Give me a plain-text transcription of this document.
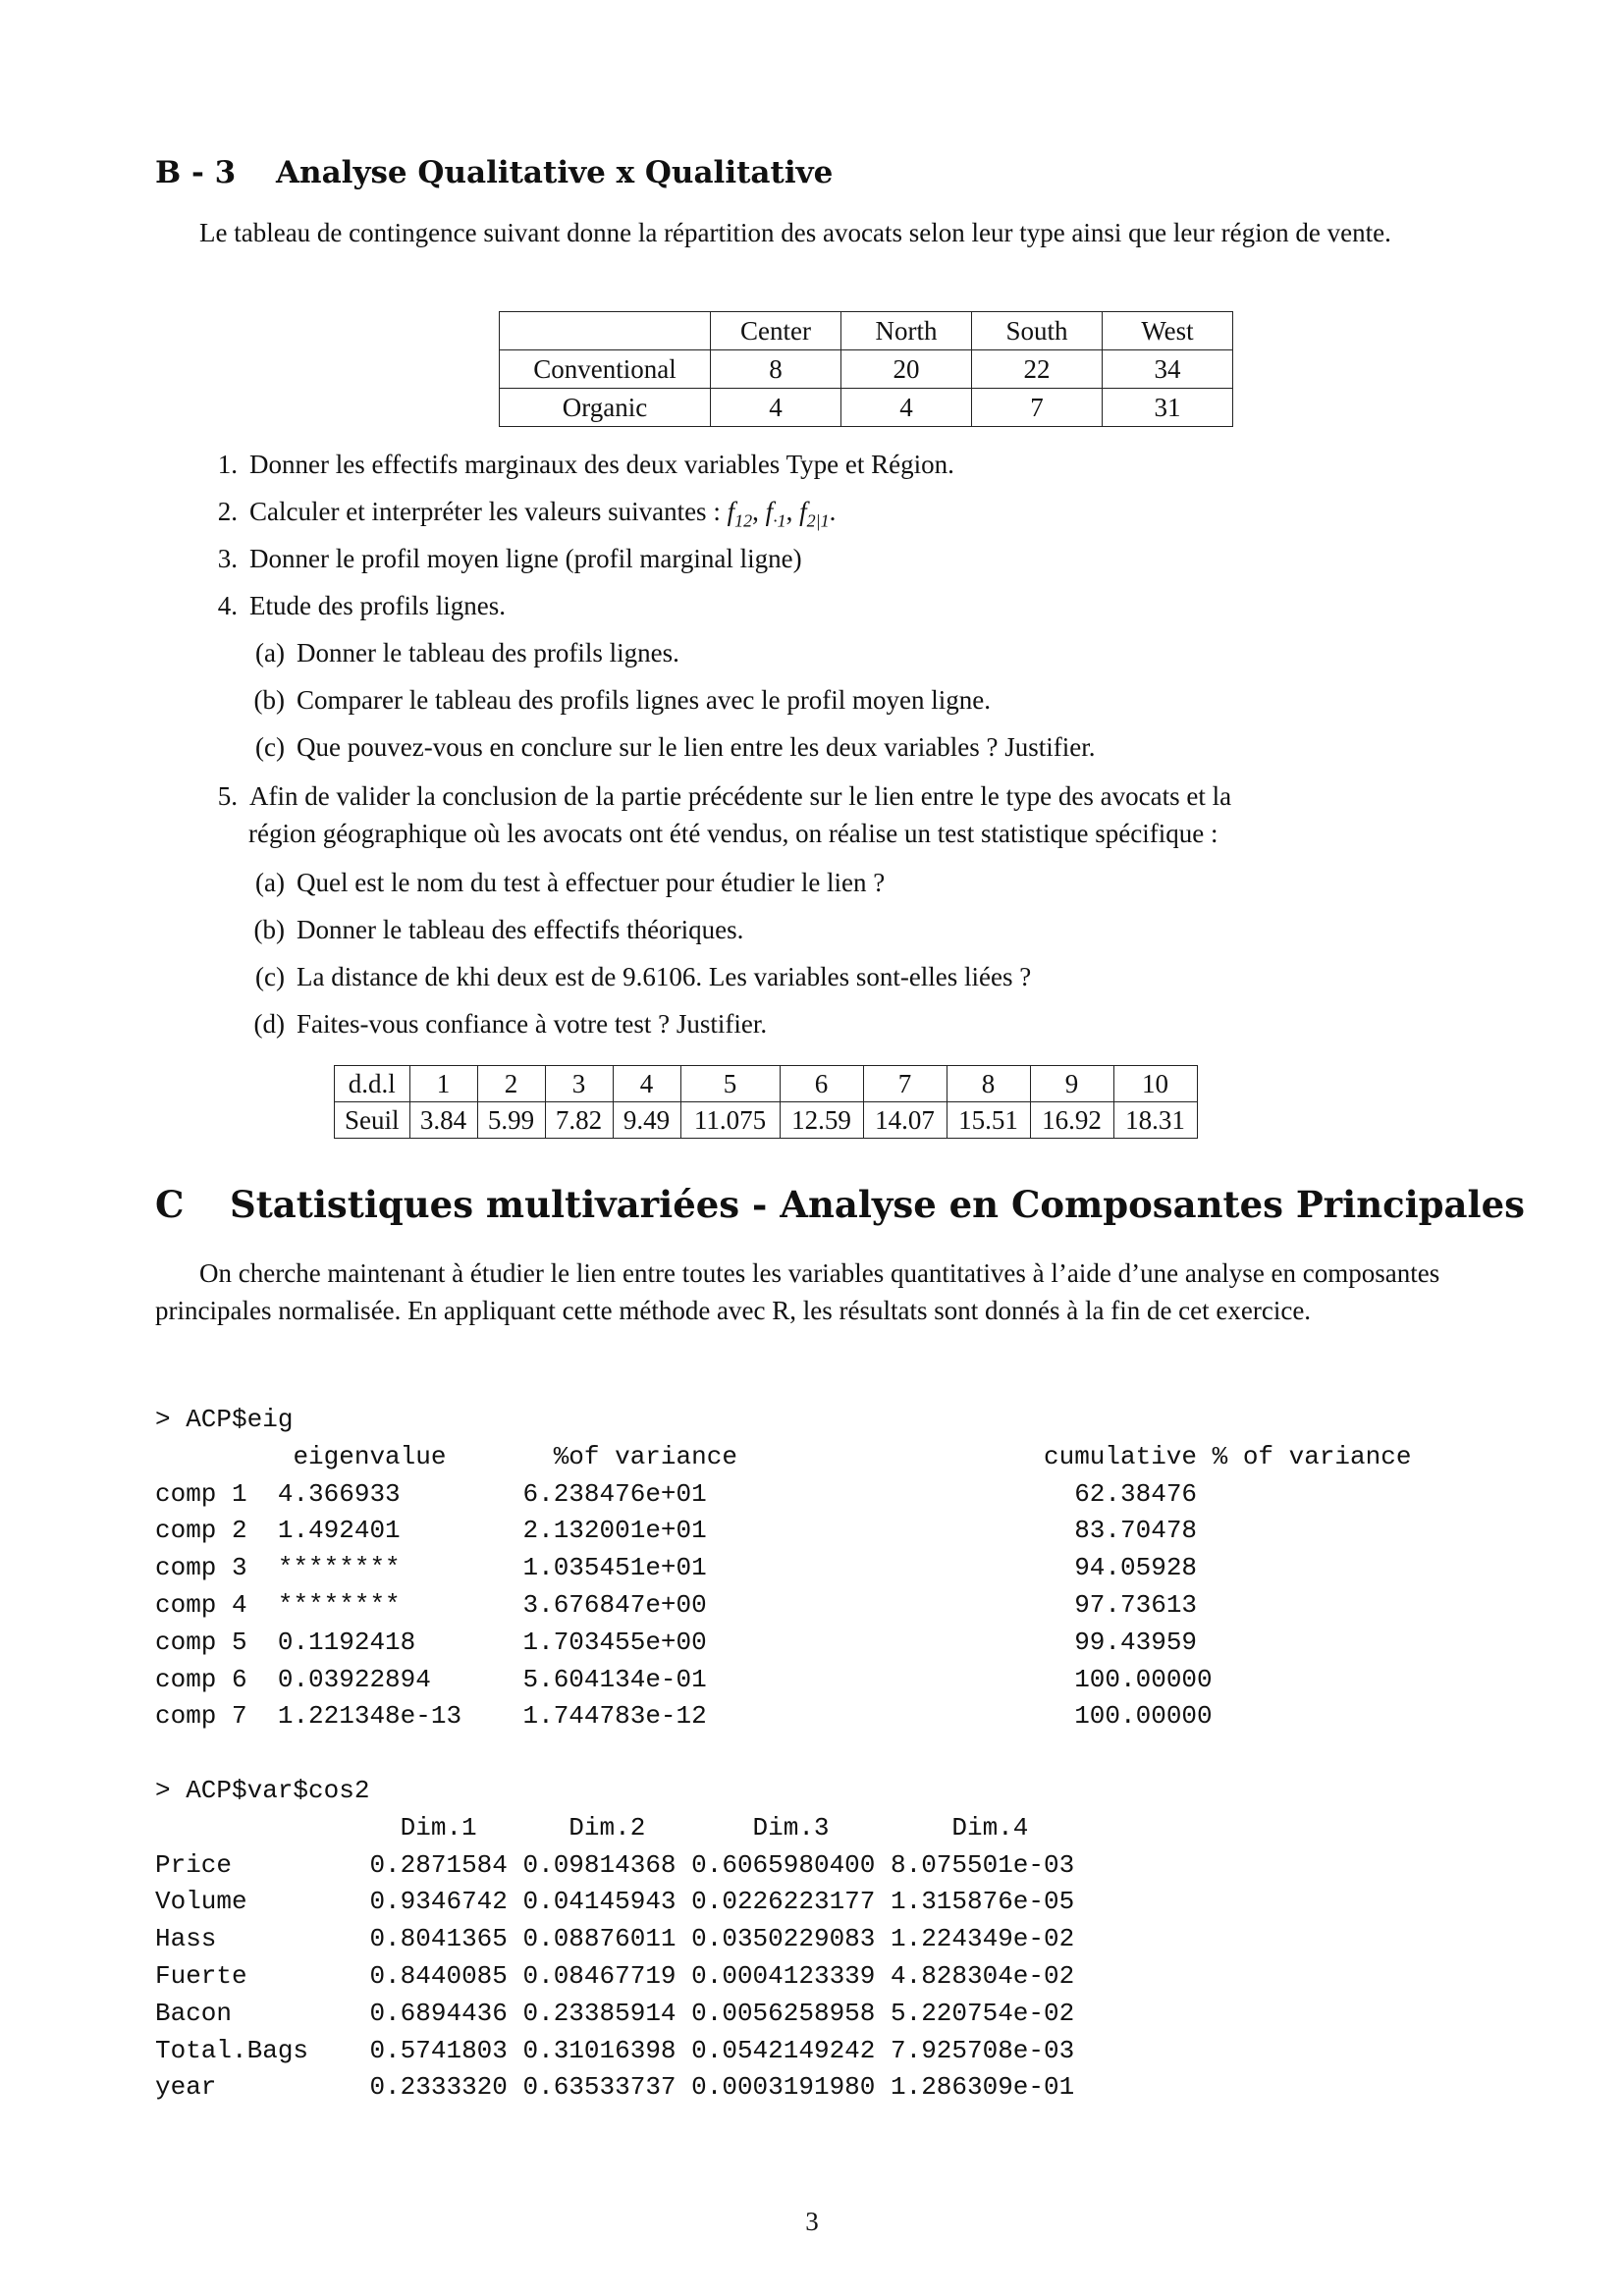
B - 3 Analyse Qualitative x Qualitative
Le tableau de contingence suivant donne la répartition des avocats selon leur type ainsi que leur région de vente.
	Center	North	South	West
Conventional	8	20	22	34
Organic	4	4	7	31
1. Donner les effectifs marginaux des deux variables Type et Région.
2. Calculer et interpréter les valeurs suivantes : $f_{12}$, $f_{\cdot 1}$, $f_{2|1}$.
3. Donner le profil moyen ligne (profil marginal ligne)
4. Etude des profils lignes.
(a) Donner le tableau des profils lignes.
(b) Comparer le tableau des profils lignes avec le profil moyen ligne.
(c) Que pouvez-vous en conclure sur le lien entre les deux variables ? Justifier.
5. Afin de valider la conclusion de la partie précédente sur le lien entre le type des avocats et la
région géographique où les avocats ont été vendus, on réalise un test statistique spécifique :
(a) Quel est le nom du test à effectuer pour étudier le lien ?
(b) Donner le tableau des effectifs théoriques.
(c) La distance de khi deux est de 9.6106. Les variables sont-elles liées ?
(d) Faites-vous confiance à votre test ? Justifier.
d.d.l	1	2	3	4	5	6	7	8	9	10
Seuil	3.84	5.99	7.82	9.49	11.075	12.59	14.07	15.51	16.92	18.31
C Statistiques multivariées - Analyse en Composantes Principales
On cherche maintenant à étudier le lien entre toutes les variables quantitatives à l’aide d’une analyse en composantes principales normalisée. En appliquant cette méthode avec R, les résultats sont donnés à la fin de cet exercice.
> ACP$eig
eigenvalue	%of variance	cumulative % of variance
comp 1 4.366933	6.238476e+01	62.38476
comp 2 1.492401	2.132001e+01	83.70478
comp 3 ********	1.035451e+01	94.05928
comp 4 ********	3.676847e+00	97.73613
comp 5 0.1192418	1.703455e+00	99.43959
comp 6 0.03922894	5.604134e-01	100.00000
comp 7 1.221348e-13 1.744783e-12	100.00000
> ACP$var$cos2
Dim.1	Dim.2	Dim.3	Dim.4
Price	0.2871584 0.09814368 0.6065980400 8.075501e-03
Volume	0.9346742 0.04145943 0.0226223177 1.315876e-05
Hass	0.8041365 0.08876011 0.0350229083 1.224349e-02
Fuerte	0.8440085 0.08467719 0.0004123339 4.828304e-02
Bacon	0.6894436 0.23385914 0.0056258958 5.220754e-02
Total.Bags 0.5741803 0.31016398 0.0542149242 7.925708e-03
year	0.2333320 0.63533737 0.0003191980 1.286309e-01
3
